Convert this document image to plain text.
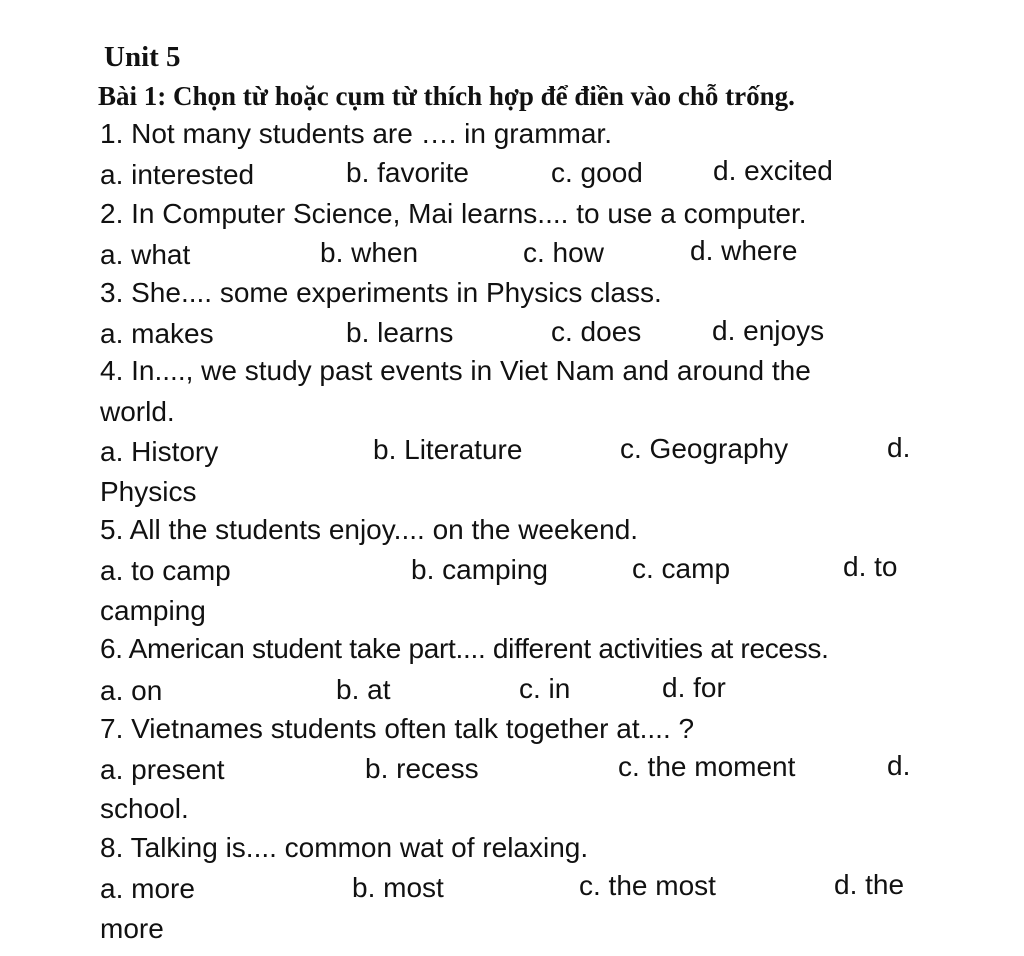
Unit 5
Bài 1: Chọn từ hoặc cụm từ thích hợp để điền vào chỗ trống.
1. Not many students are …. in grammar.
a. interested	b. favorite	c. good	d. excited
2. In Computer Science, Mai learns.... to use a computer.
a. what	b. when	c. how	d. where
3. She.... some experiments in Physics class.
a. makes	b. learns	c. does	d. enjoys
4. In...., we study past events in Viet Nam and around the
world.
a. History	b. Literature	c. Geography	d.
Physics
5. All the students enjoy.... on the weekend.
a. to camp	b. camping	c. camp	d. to
camping
6. American student take part.... different activities at recess.
a. on	b. at	c. in	d. for
7. Vietnames students often talk together at.... ?
a. present	b. recess	c. the moment	d.
school.
8. Talking is.... common wat of relaxing.
a. more	b. most	c. the most	d. the
more
